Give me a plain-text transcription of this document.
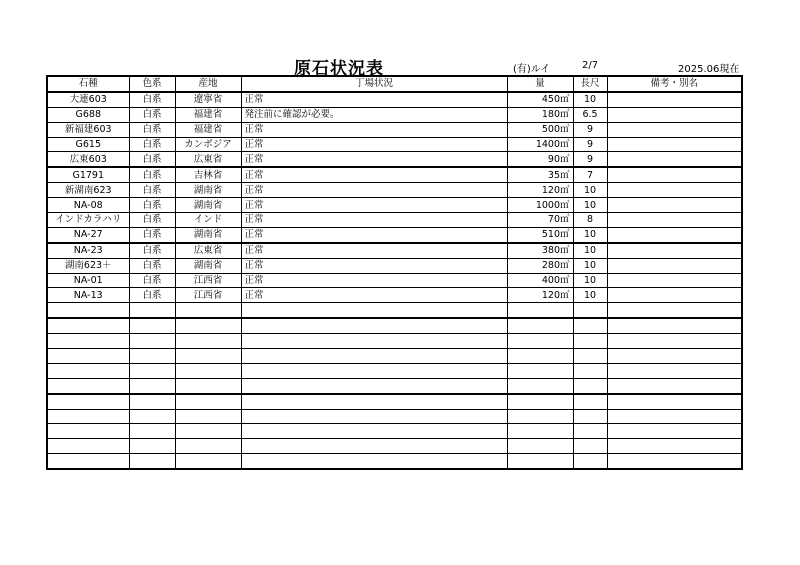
原石状況表	(有)ルイ	2/7	2025.06現在
石種	色系	産地	丁場状況	量	長尺	備考・別名
大連603	白系	遼寧省	正常	450㎥	10	
G688	白系	福建省	発注前に確認が必要。	180㎥	6.5	
新福建603	白系	福建省	正常	500㎥	9	
G615	白系	カンボジア	正常	1400㎥	9	
広東603	白系	広東省	正常	90㎥	9	
G1791	白系	吉林省	正常	35㎥	7	
新湖南623	白系	湖南省	正常	120㎥	10	
NA-08	白系	湖南省	正常	1000㎥	10	
インドカラハリ	白系	インド	正常	70㎥	8	
NA-27	白系	湖南省	正常	510㎥	10	
NA-23	白系	広東省	正常	380㎥	10	
湖南623＋	白系	湖南省	正常	280㎥	10	
NA-01	白系	江西省	正常	400㎥	10	
NA-13	白系	江西省	正常	120㎥	10	
